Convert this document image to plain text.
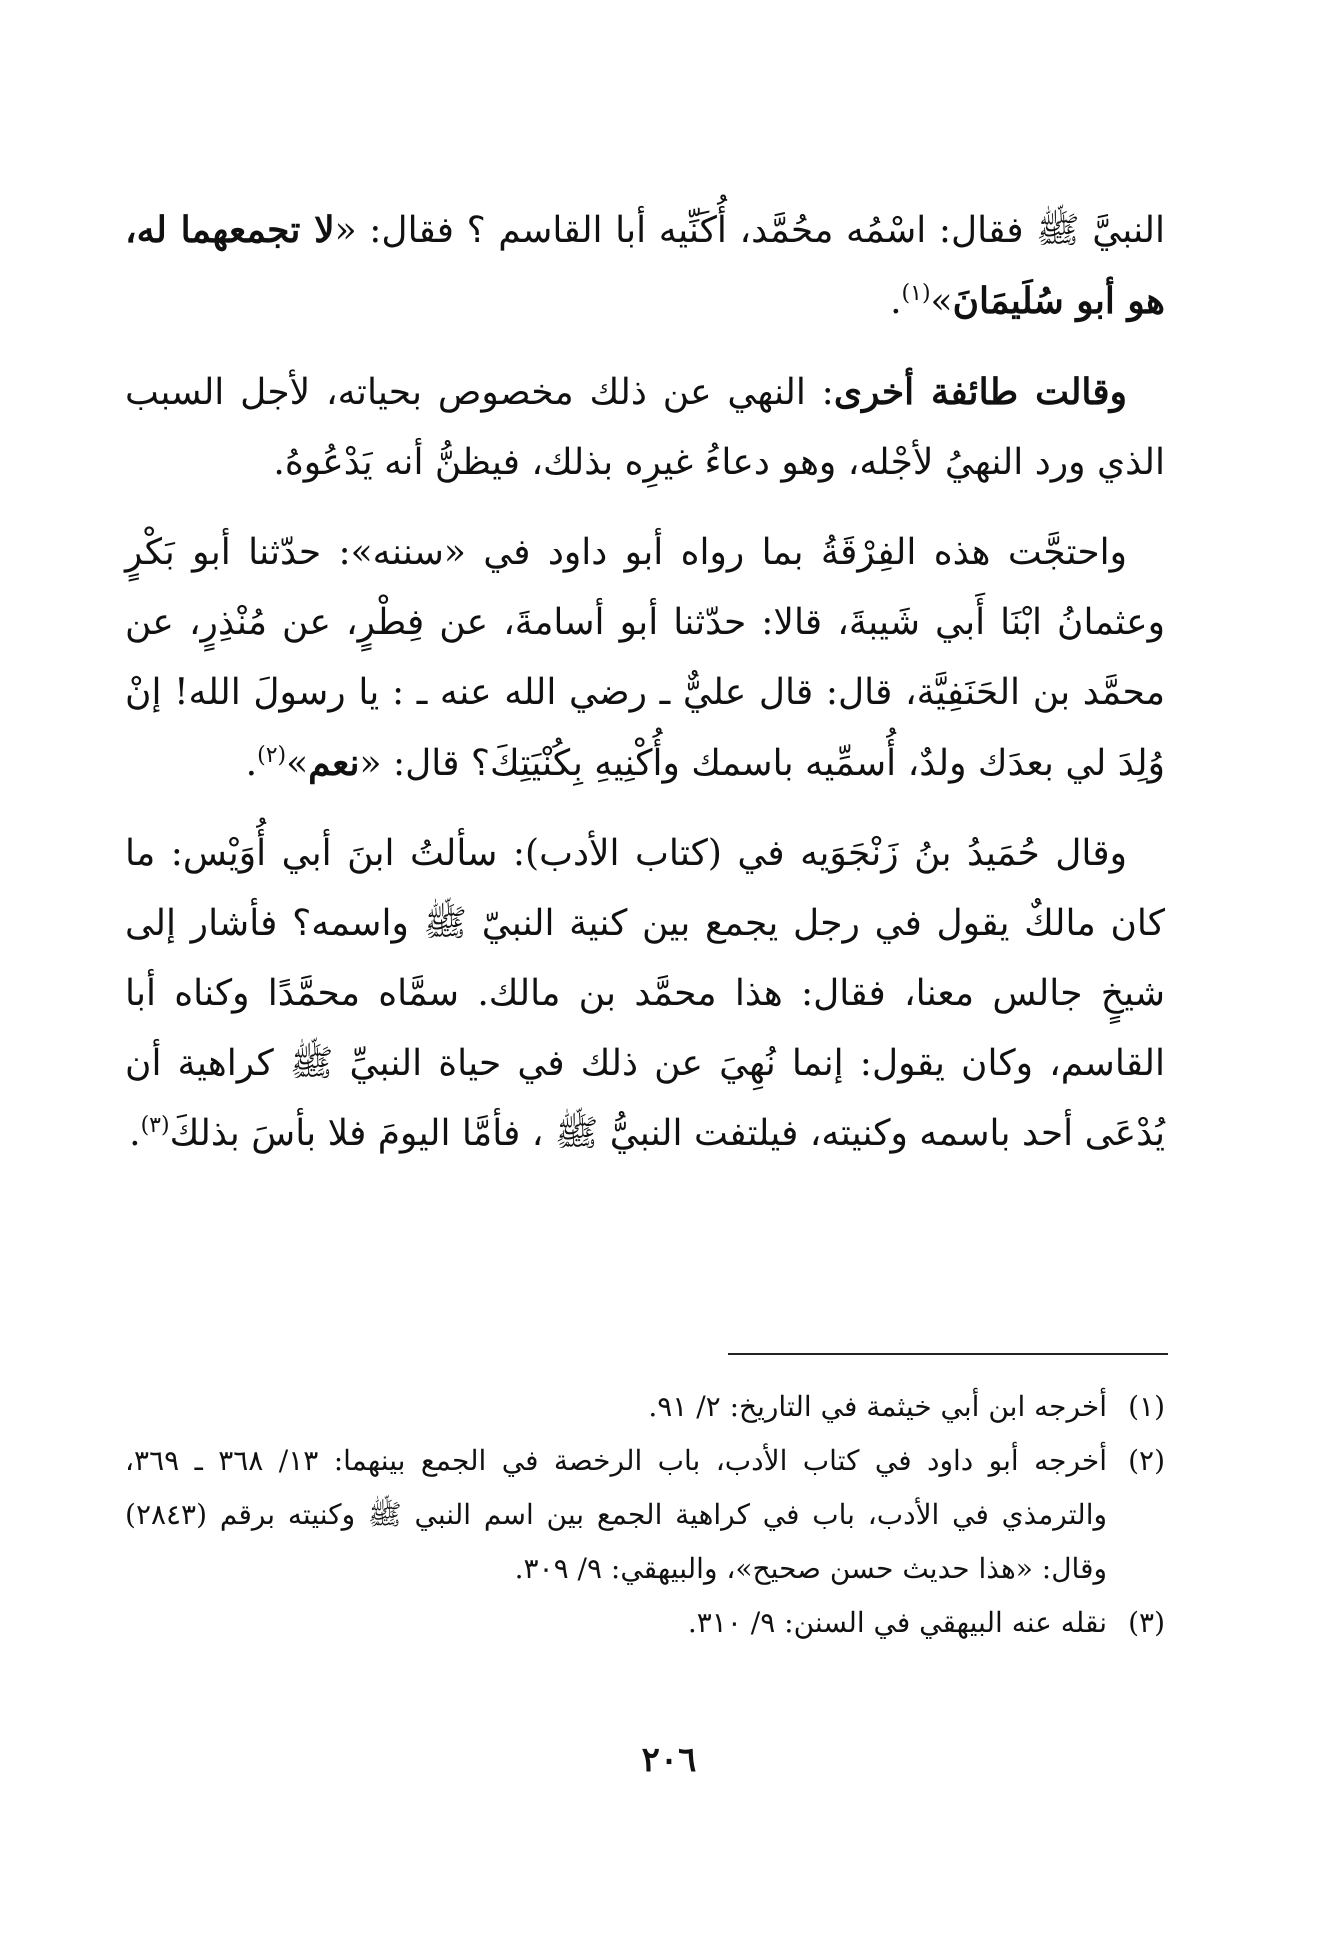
النبيَّ ﷺ فقال: اسْمُه محُمَّد، أُكَنِّيه أبا القاسم ؟ فقال: «لا تجمعهما له، هو أبو سُلَيمَانَ»$^{(١)}$.

وقالت طائفة أخرى: النهي عن ذلك مخصوص بحياته، لأجل السبب الذي ورد النهيُ لأجْله، وهو دعاءُ غيرِه بذلك، فيظنُّ أنه يَدْعُوهُ.

واحتجَّت هذه الفِرْقَةُ بما رواه أبو داود في «سننه»: حدّثنا أبو بَكْرٍ وعثمانُ ابْنَا أَبي شَيبةَ، قالا: حدّثنا أبو أسامةَ، عن فِطْرٍ، عن مُنْذِرٍ، عن محمَّد بن الحَنَفِيَّة، قال: قال عليٌّ ـ رضي الله عنه ـ : يا رسولَ الله! إنْ وُلِدَ لي بعدَك ولدٌ، أُسمِّيه باسمك وأُكْنِيهِ بِكُنْيَتِكَ؟ قال: «نعم»$^{(٢)}$.

وقال حُمَيدُ بنُ زَنْجَوَيه في (كتاب الأدب): سألتُ ابنَ أبي أُوَيْس: ما كان مالكٌ يقول في رجل يجمع بين كنية النبيّ ﷺ واسمه؟ فأشار إلى شيخٍ جالس معنا، فقال: هذا محمَّد بن مالك. سمَّاه محمَّدًا وكناه أبا القاسم، وكان يقول: إنما نُهِيَ عن ذلك في حياة النبيِّ ﷺ كراهية أن يُدْعَى أحد باسمه وكنيته، فيلتفت النبيُّ ﷺ ، فأمَّا اليومَ فلا بأسَ بذلكَ$^{(٣)}$.

(١)
أخرجه ابن أبي خيثمة في التاريخ: ٢/ ٩١.
(٢)
أخرجه أبو داود في كتاب الأدب، باب الرخصة في الجمع بينهما: ١٣/ ٣٦٨ ـ ٣٦٩، والترمذي في الأدب، باب في كراهية الجمع بين اسم النبي ﷺ وكنيته برقم (٢٨٤٣) وقال: «هذا حديث حسن صحيح»، والبيهقي: ٩/ ٣٠٩.
(٣)
نقله عنه البيهقي في السنن: ٩/ ٣١٠.
٢٠٦
